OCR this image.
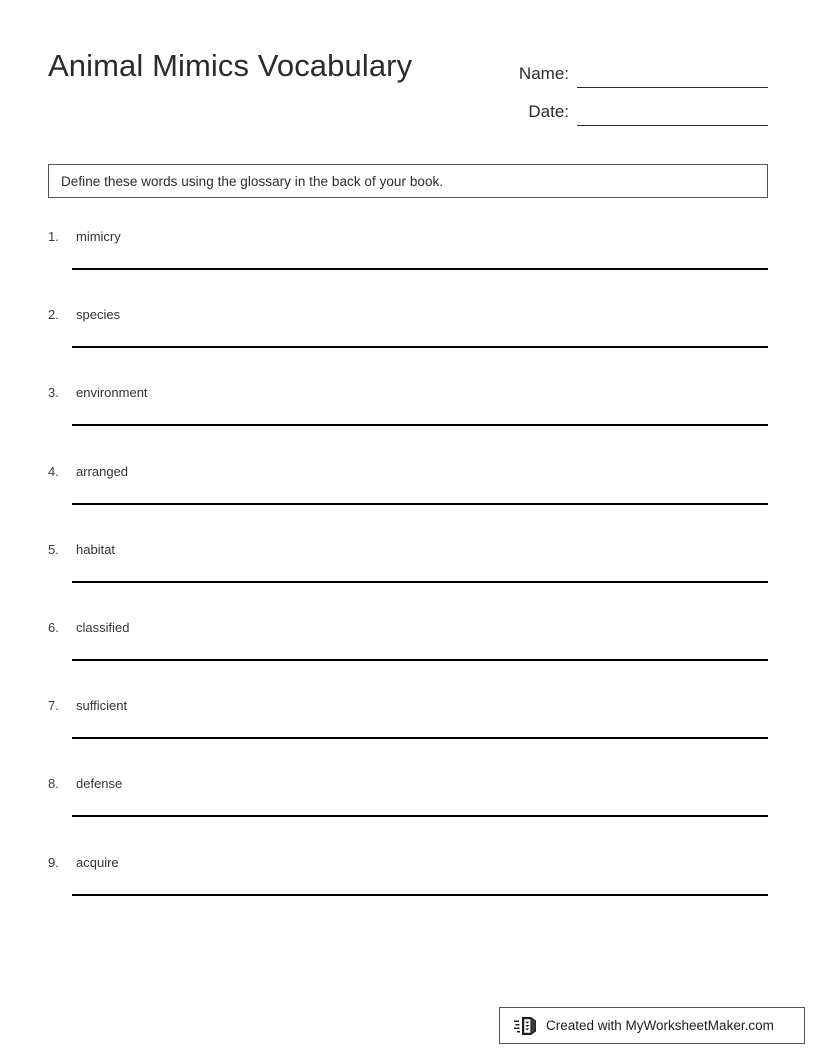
Animal Mimics Vocabulary	Name:
Date:
Define these words using the glossary in the back of your book.
1.	mimicry
2.	species
3.	environment
4.	arranged
5.	habitat
6.	classified
7.	sufficient
8.	defense
9.	acquire
Created with MyWorksheetMaker.com
